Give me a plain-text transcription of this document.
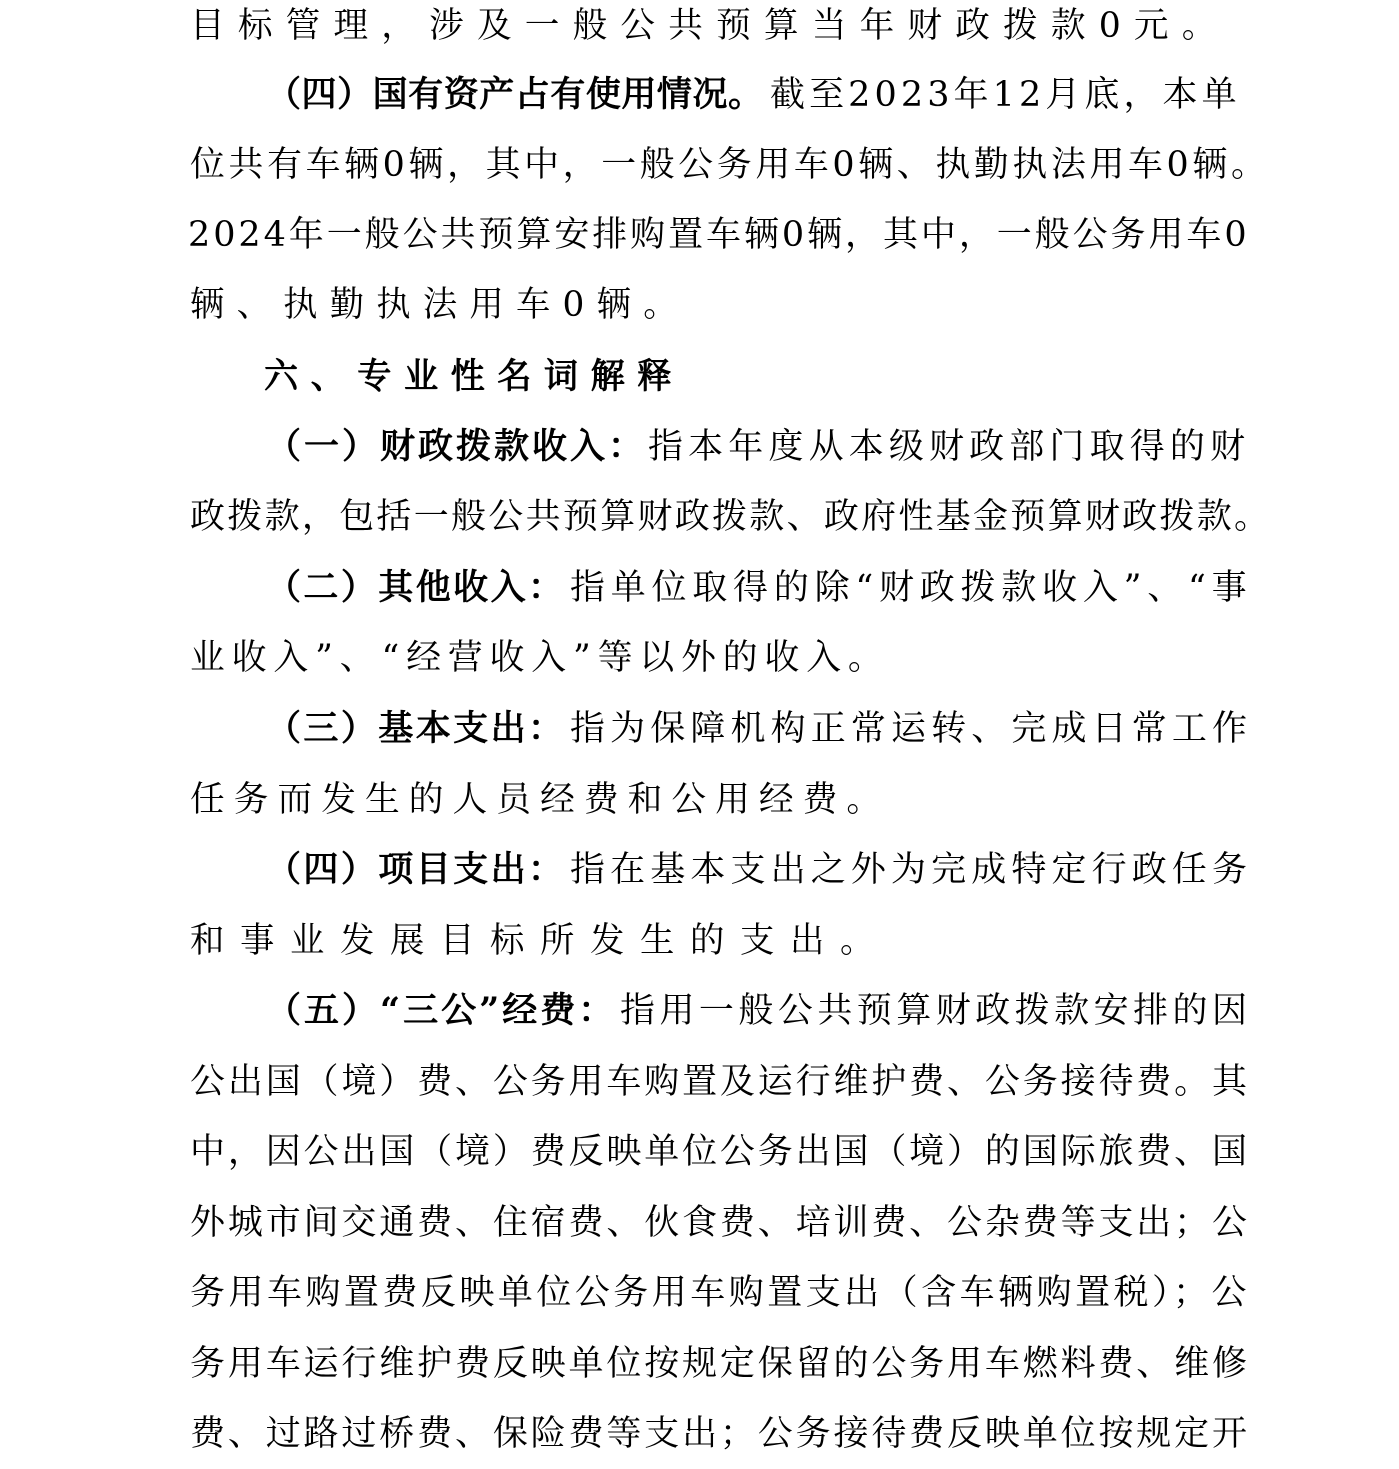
目标管理，涉及一般公共预算当年财政拨款0元。
（四）国有资产占有使用情况。 截至2023年12月底，本单
位共有车辆0辆，其中，一般公务用车0辆、执勤执法用车0辆。
2024年一般公共预算安排购置车辆0辆，其中，一般公务用车0
辆、执勤执法用车0辆。
六、专业性名词解释
（一）财政拨款收入： 指本年度从本级财政部门取得的财
政拨款，包括一般公共预算财政拨款、政府性基金预算财政拨款。
（二）其他收入： 指单位取得的除“财政拨款收入”、“事
业收入”、“经营收入”等以外的收入。
（三）基本支出： 指为保障机构正常运转、完成日常工作
任务而发生的人员经费和公用经费。
（四）项目支出： 指在基本支出之外为完成特定行政任务
和事业发展目标所发生的支出。
（五）“三公”经费： 指用一般公共预算财政拨款安排的因
公出国（境）费、公务用车购置及运行维护费、公务接待费。其
中，因公出国（境）费反映单位公务出国（境）的国际旅费、国
外城市间交通费、住宿费、伙食费、培训费、公杂费等支出；公
务用车购置费反映单位公务用车购置支出（含车辆购置税）；公
务用车运行维护费反映单位按规定保留的公务用车燃料费、维修
费、过路过桥费、保险费等支出；公务接待费反映单位按规定开
